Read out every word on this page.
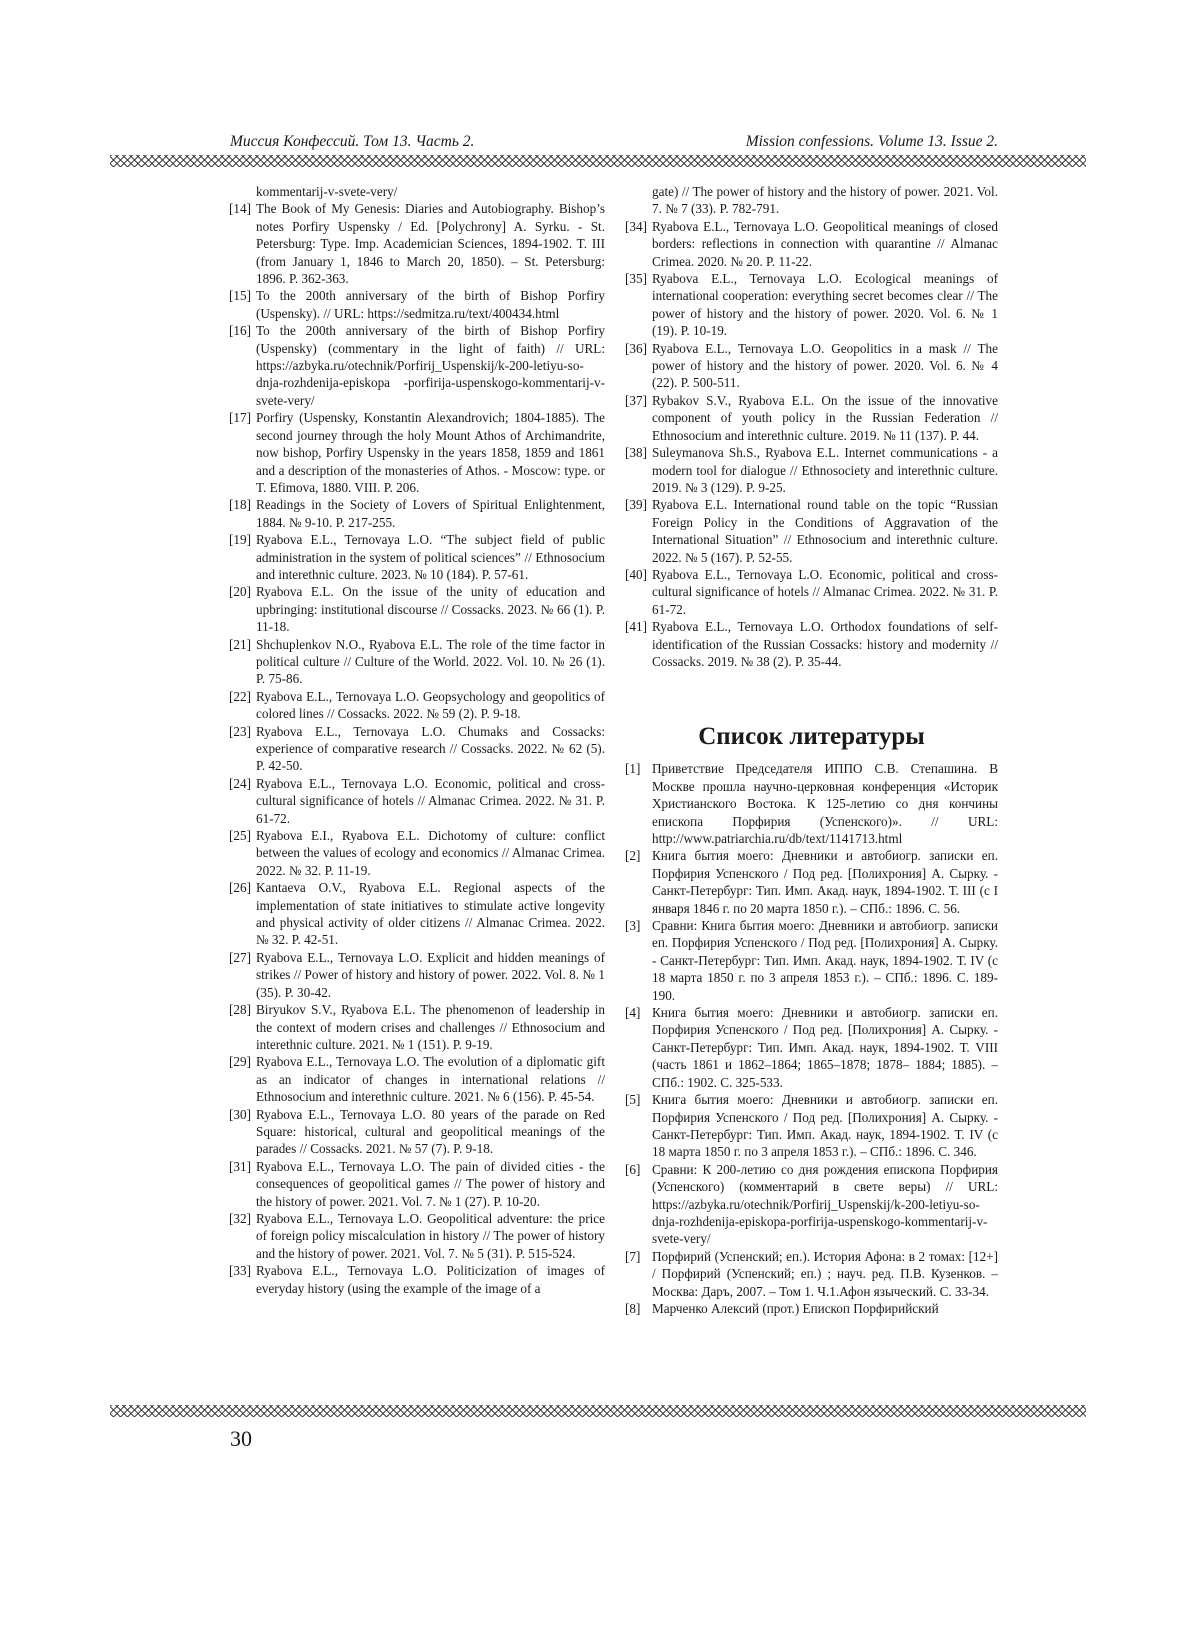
Миссия Конфессий. Том 13. Часть 2.	Mission confessions. Volume 13. Issue 2.

kommentarij-v-svete-very/

[14] The Book of My Genesis: Diaries and Autobiography. Bishop’s notes Porfiry Uspensky / Ed. [Polychrony] A. Syrku. - St. Petersburg: Type. Imp. Academician Sciences, 1894-1902. T. III (from January 1, 1846 to March 20, 1850). – St. Petersburg: 1896. P. 362-363.

[15] To the 200th anniversary of the birth of Bishop Porfiry (Uspensky). // URL: https://sedmitza.ru/text/400434.html

[16] To the 200th anniversary of the birth of Bishop Porfiry (Uspensky) (commentary in the light of faith) // URL: https://azbyka.ru/otechnik/Porfirij_Uspenskij/k-200-letiyu-so-dnja-rozhdenija-episkopa -porfirija-uspenskogo-kommentarij-v-svete-very/

[17] Porfiry (Uspensky, Konstantin Alexandrovich; 1804-1885). The second journey through the holy Mount Athos of Archimandrite, now bishop, Porfiry Uspensky in the years 1858, 1859 and 1861 and a description of the monasteries of Athos. - Moscow: type. or T. Efimova, 1880. VIII. P. 206.

[18] Readings in the Society of Lovers of Spiritual Enlightenment, 1884. № 9-10. P. 217-255.

[19] Ryabova E.L., Ternovaya L.O. “The subject field of public administration in the system of political sciences” // Ethnosocium and interethnic culture. 2023. № 10 (184). P. 57-61.

[20] Ryabova E.L. On the issue of the unity of education and upbringing: institutional discourse // Cossacks. 2023. № 66 (1). P. 11-18.

[21] Shchuplenkov N.O., Ryabova E.L. The role of the time factor in political culture // Culture of the World. 2022. Vol. 10. № 26 (1). P. 75-86.

[22] Ryabova E.L., Ternovaya L.O. Geopsychology and geopolitics of colored lines // Cossacks. 2022. № 59 (2). P. 9-18.

[23] Ryabova E.L., Ternovaya L.O. Chumaks and Cossacks: experience of comparative research // Cossacks. 2022. № 62 (5). P. 42-50.

[24] Ryabova E.L., Ternovaya L.O. Economic, political and cross-cultural significance of hotels // Almanac Crimea. 2022. № 31. P. 61-72.

[25] Ryabova E.I., Ryabova E.L. Dichotomy of culture: conflict between the values of ecology and economics // Almanac Crimea. 2022. № 32. P. 11-19.

[26] Kantaeva O.V., Ryabova E.L. Regional aspects of the implementation of state initiatives to stimulate active longevity and physical activity of older citizens // Almanac Crimea. 2022. № 32. P. 42-51.

[27] Ryabova E.L., Ternovaya L.O. Explicit and hidden meanings of strikes // Power of history and history of power. 2022. Vol. 8. № 1 (35). P. 30-42.

[28] Biryukov S.V., Ryabova E.L. The phenomenon of leadership in the context of modern crises and challenges // Ethnosocium and interethnic culture. 2021. № 1 (151). P. 9-19.

[29] Ryabova E.L., Ternovaya L.O. The evolution of a diplomatic gift as an indicator of changes in international relations // Ethnosocium and interethnic culture. 2021. № 6 (156). P. 45-54.

[30] Ryabova E.L., Ternovaya L.O. 80 years of the parade on Red Square: historical, cultural and geopolitical meanings of the parades // Cossacks. 2021. № 57 (7). P. 9-18.

[31] Ryabova E.L., Ternovaya L.O. The pain of divided cities - the consequences of geopolitical games // The power of history and the history of power. 2021. Vol. 7. № 1 (27). P. 10-20.

[32] Ryabova E.L., Ternovaya L.O. Geopolitical adventure: the price of foreign policy miscalculation in history // The power of history and the history of power. 2021. Vol. 7. № 5 (31). P. 515-524.

[33] Ryabova E.L., Ternovaya L.O. Politicization of images of everyday history (using the example of the image of a

gate) // The power of history and the history of power. 2021. Vol. 7. № 7 (33). P. 782-791.

[34] Ryabova E.L., Ternovaya L.O. Geopolitical meanings of closed borders: reflections in connection with quarantine // Almanac Crimea. 2020. № 20. P. 11-22.

[35] Ryabova E.L., Ternovaya L.O. Ecological meanings of international cooperation: everything secret becomes clear // The power of history and the history of power. 2020. Vol. 6. № 1 (19). P. 10-19.

[36] Ryabova E.L., Ternovaya L.O. Geopolitics in a mask // The power of history and the history of power. 2020. Vol. 6. № 4 (22). P. 500-511.

[37] Rybakov S.V., Ryabova E.L. On the issue of the innovative component of youth policy in the Russian Federation // Ethnosocium and interethnic culture. 2019. № 11 (137). P. 44.

[38] Suleymanova Sh.S., Ryabova E.L. Internet communications - a modern tool for dialogue // Ethnosociety and interethnic culture. 2019. № 3 (129). P. 9-25.

[39] Ryabova E.L. International round table on the topic “Russian Foreign Policy in the Conditions of Aggravation of the International Situation” // Ethnosocium and interethnic culture. 2022. № 5 (167). P. 52-55.

[40] Ryabova E.L., Ternovaya L.O. Economic, political and cross-cultural significance of hotels // Almanac Crimea. 2022. № 31. P. 61-72.

[41] Ryabova E.L., Ternovaya L.O. Orthodox foundations of self-identification of the Russian Cossacks: history and modernity // Cossacks. 2019. № 38 (2). P. 35-44.

Список литературы

[1] Приветствие Председателя ИППО С.В. Степашина. В Москве прошла научно-церковная конференция «Историк Христианского Востока. К 125-летию со дня кончины епископа Порфирия (Успенского)». // URL: http://www.patriarchia.ru/db/text/1141713.html

[2] Книга бытия моего: Дневники и автобиогр. записки еп. Порфирия Успенского / Под ред. [Полихрония] А. Сырку. - Санкт-Петербург: Тип. Имп. Акад. наук, 1894-1902. Т. III (с I января 1846 г. по 20 марта 1850 г.). – СПб.: 1896. С. 56.

[3] Сравни: Книга бытия моего: Дневники и автобиогр. записки еп. Порфирия Успенского / Под ред. [Полихрония] А. Сырку. - Санкт-Петербург: Тип. Имп. Акад. наук, 1894-1902. Т. IV (с 18 марта 1850 г. по 3 апреля 1853 г.). – СПб.: 1896. С. 189-190.

[4] Книга бытия моего: Дневники и автобиогр. записки еп. Порфирия Успенского / Под ред. [Полихрония] А. Сырку. - Санкт-Петербург: Тип. Имп. Акад. наук, 1894-1902. Т. VIII (часть 1861 и 1862–1864; 1865–1878; 1878– 1884; 1885). – СПб.: 1902. С. 325-533.

[5] Книга бытия моего: Дневники и автобиогр. записки еп. Порфирия Успенского / Под ред. [Полихрония] А. Сырку. - Санкт-Петербург: Тип. Имп. Акад. наук, 1894-1902. Т. IV (с 18 марта 1850 г. по 3 апреля 1853 г.). – СПб.: 1896. С. 346.

[6] Сравни: К 200-летию со дня рождения епископа Порфирия (Успенского) (комментарий в свете веры) // URL: https://azbyka.ru/otechnik/Porfirij_Uspenskij/k-200-letiyu-so-dnja-rozhdenija-episkopa-porfirija-uspenskogo-kommentarij-v-svete-very/

[7] Порфирий (Успенский; еп.). История Афона: в 2 томах: [12+] / Порфирий (Успенский; еп.) ; науч. ред. П.В. Кузенков. – Москва: Даръ, 2007. – Том 1. Ч.1.Афон языческий. С. 33-34.

[8] Марченко Алексий (прот.) Епископ Порфирийский

30
